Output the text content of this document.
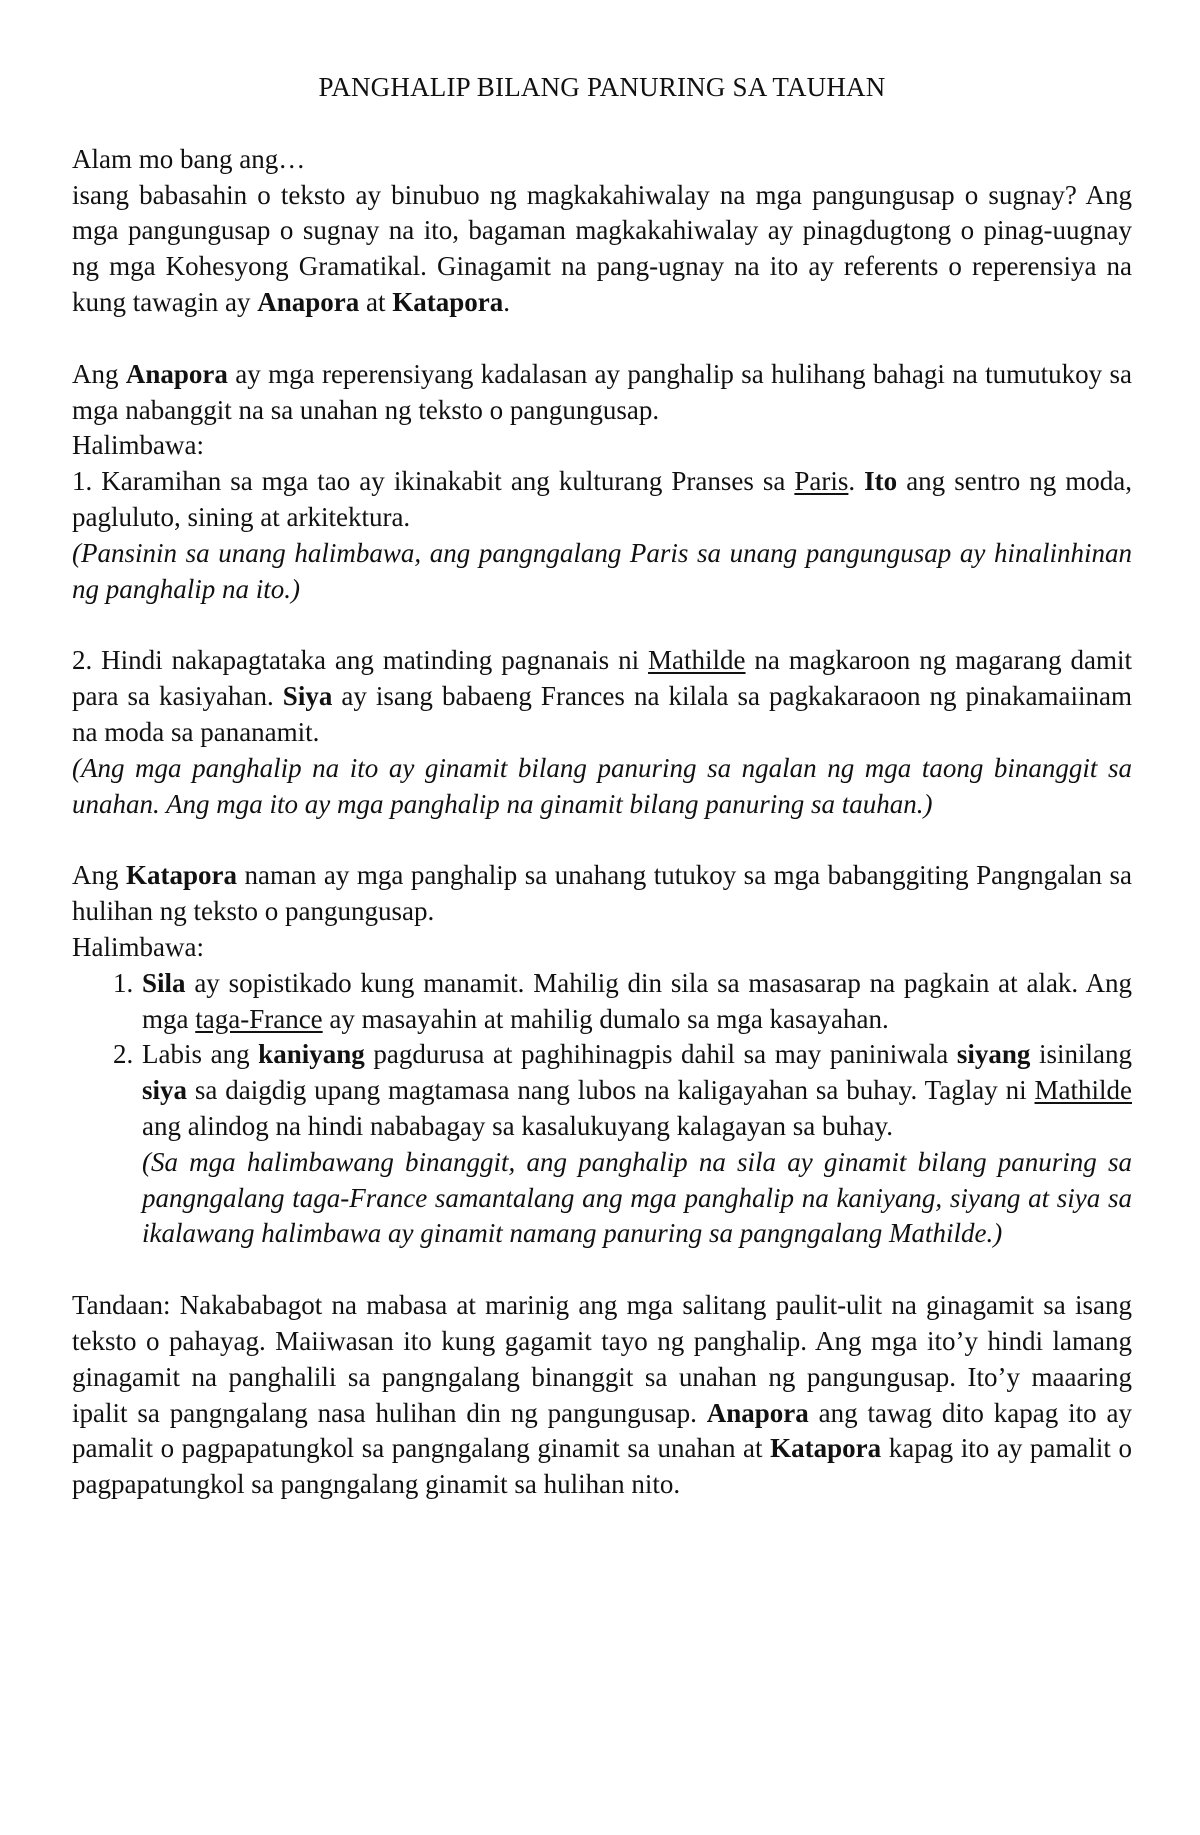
PANGHALIP BILANG PANURING SA TAUHAN

Alam mo bang ang…

isang babasahin o teksto ay binubuo ng magkakahiwalay na mga pangungusap o sugnay? Ang mga pangungusap o sugnay na ito, bagaman magkakahiwalay ay pinagdugtong o pinag-uugnay ng mga Kohesyong Gramatikal. Ginagamit na pang-ugnay na ito ay referents o reperensiya na kung tawagin ay Anapora at Katapora.

Ang Anapora ay mga reperensiyang kadalasan ay panghalip sa hulihang bahagi na tumutukoy sa mga nabanggit na sa unahan ng teksto o pangungusap.

Halimbawa:

1. Karamihan sa mga tao ay ikinakabit ang kulturang Pranses sa Paris. Ito ang sentro ng moda, pagluluto, sining at arkitektura.

(Pansinin sa unang halimbawa, ang pangngalang Paris sa unang pangungusap ay hinalinhinan ng panghalip na ito.)

2. Hindi nakapagtataka ang matinding pagnanais ni Mathilde na magkaroon ng magarang damit para sa kasiyahan. Siya ay isang babaeng Frances na kilala sa pagkakaraoon ng pinakamaiinam na moda sa pananamit.

(Ang mga panghalip na ito ay ginamit bilang panuring sa ngalan ng mga taong binanggit sa unahan. Ang mga ito ay mga panghalip na ginamit bilang panuring sa tauhan.)

Ang Katapora naman ay mga panghalip sa unahang tutukoy sa mga babanggiting Pangngalan sa hulihan ng teksto o pangungusap.

Halimbawa:

1. Sila ay sopistikado kung manamit. Mahilig din sila sa masasarap na pagkain at alak. Ang mga taga-France ay masayahin at mahilig dumalo sa mga kasayahan.
2. Labis ang kaniyang pagdurusa at paghihinagpis dahil sa may paniniwala siyang isinilang siya sa daigdig upang magtamasa nang lubos na kaligayahan sa buhay. Taglay ni Mathilde ang alindog na hindi nababagay sa kasalukuyang kalagayan sa buhay.
(Sa mga halimbawang binanggit, ang panghalip na sila ay ginamit bilang panuring sa pangngalang taga-France samantalang ang mga panghalip na kaniyang, siyang at siya sa ikalawang halimbawa ay ginamit namang panuring sa pangngalang Mathilde.)

Tandaan: Nakababagot na mabasa at marinig ang mga salitang paulit-ulit na ginagamit sa isang teksto o pahayag. Maiiwasan ito kung gagamit tayo ng panghalip. Ang mga ito’y hindi lamang ginagamit na panghalili sa pangngalang binanggit sa unahan ng pangungusap. Ito’y maaaring ipalit sa pangngalang nasa hulihan din ng pangungusap. Anapora ang tawag dito kapag ito ay pamalit o pagpapatungkol sa pangngalang ginamit sa unahan at Katapora kapag ito ay pamalit o pagpapatungkol sa pangngalang ginamit sa hulihan nito.
